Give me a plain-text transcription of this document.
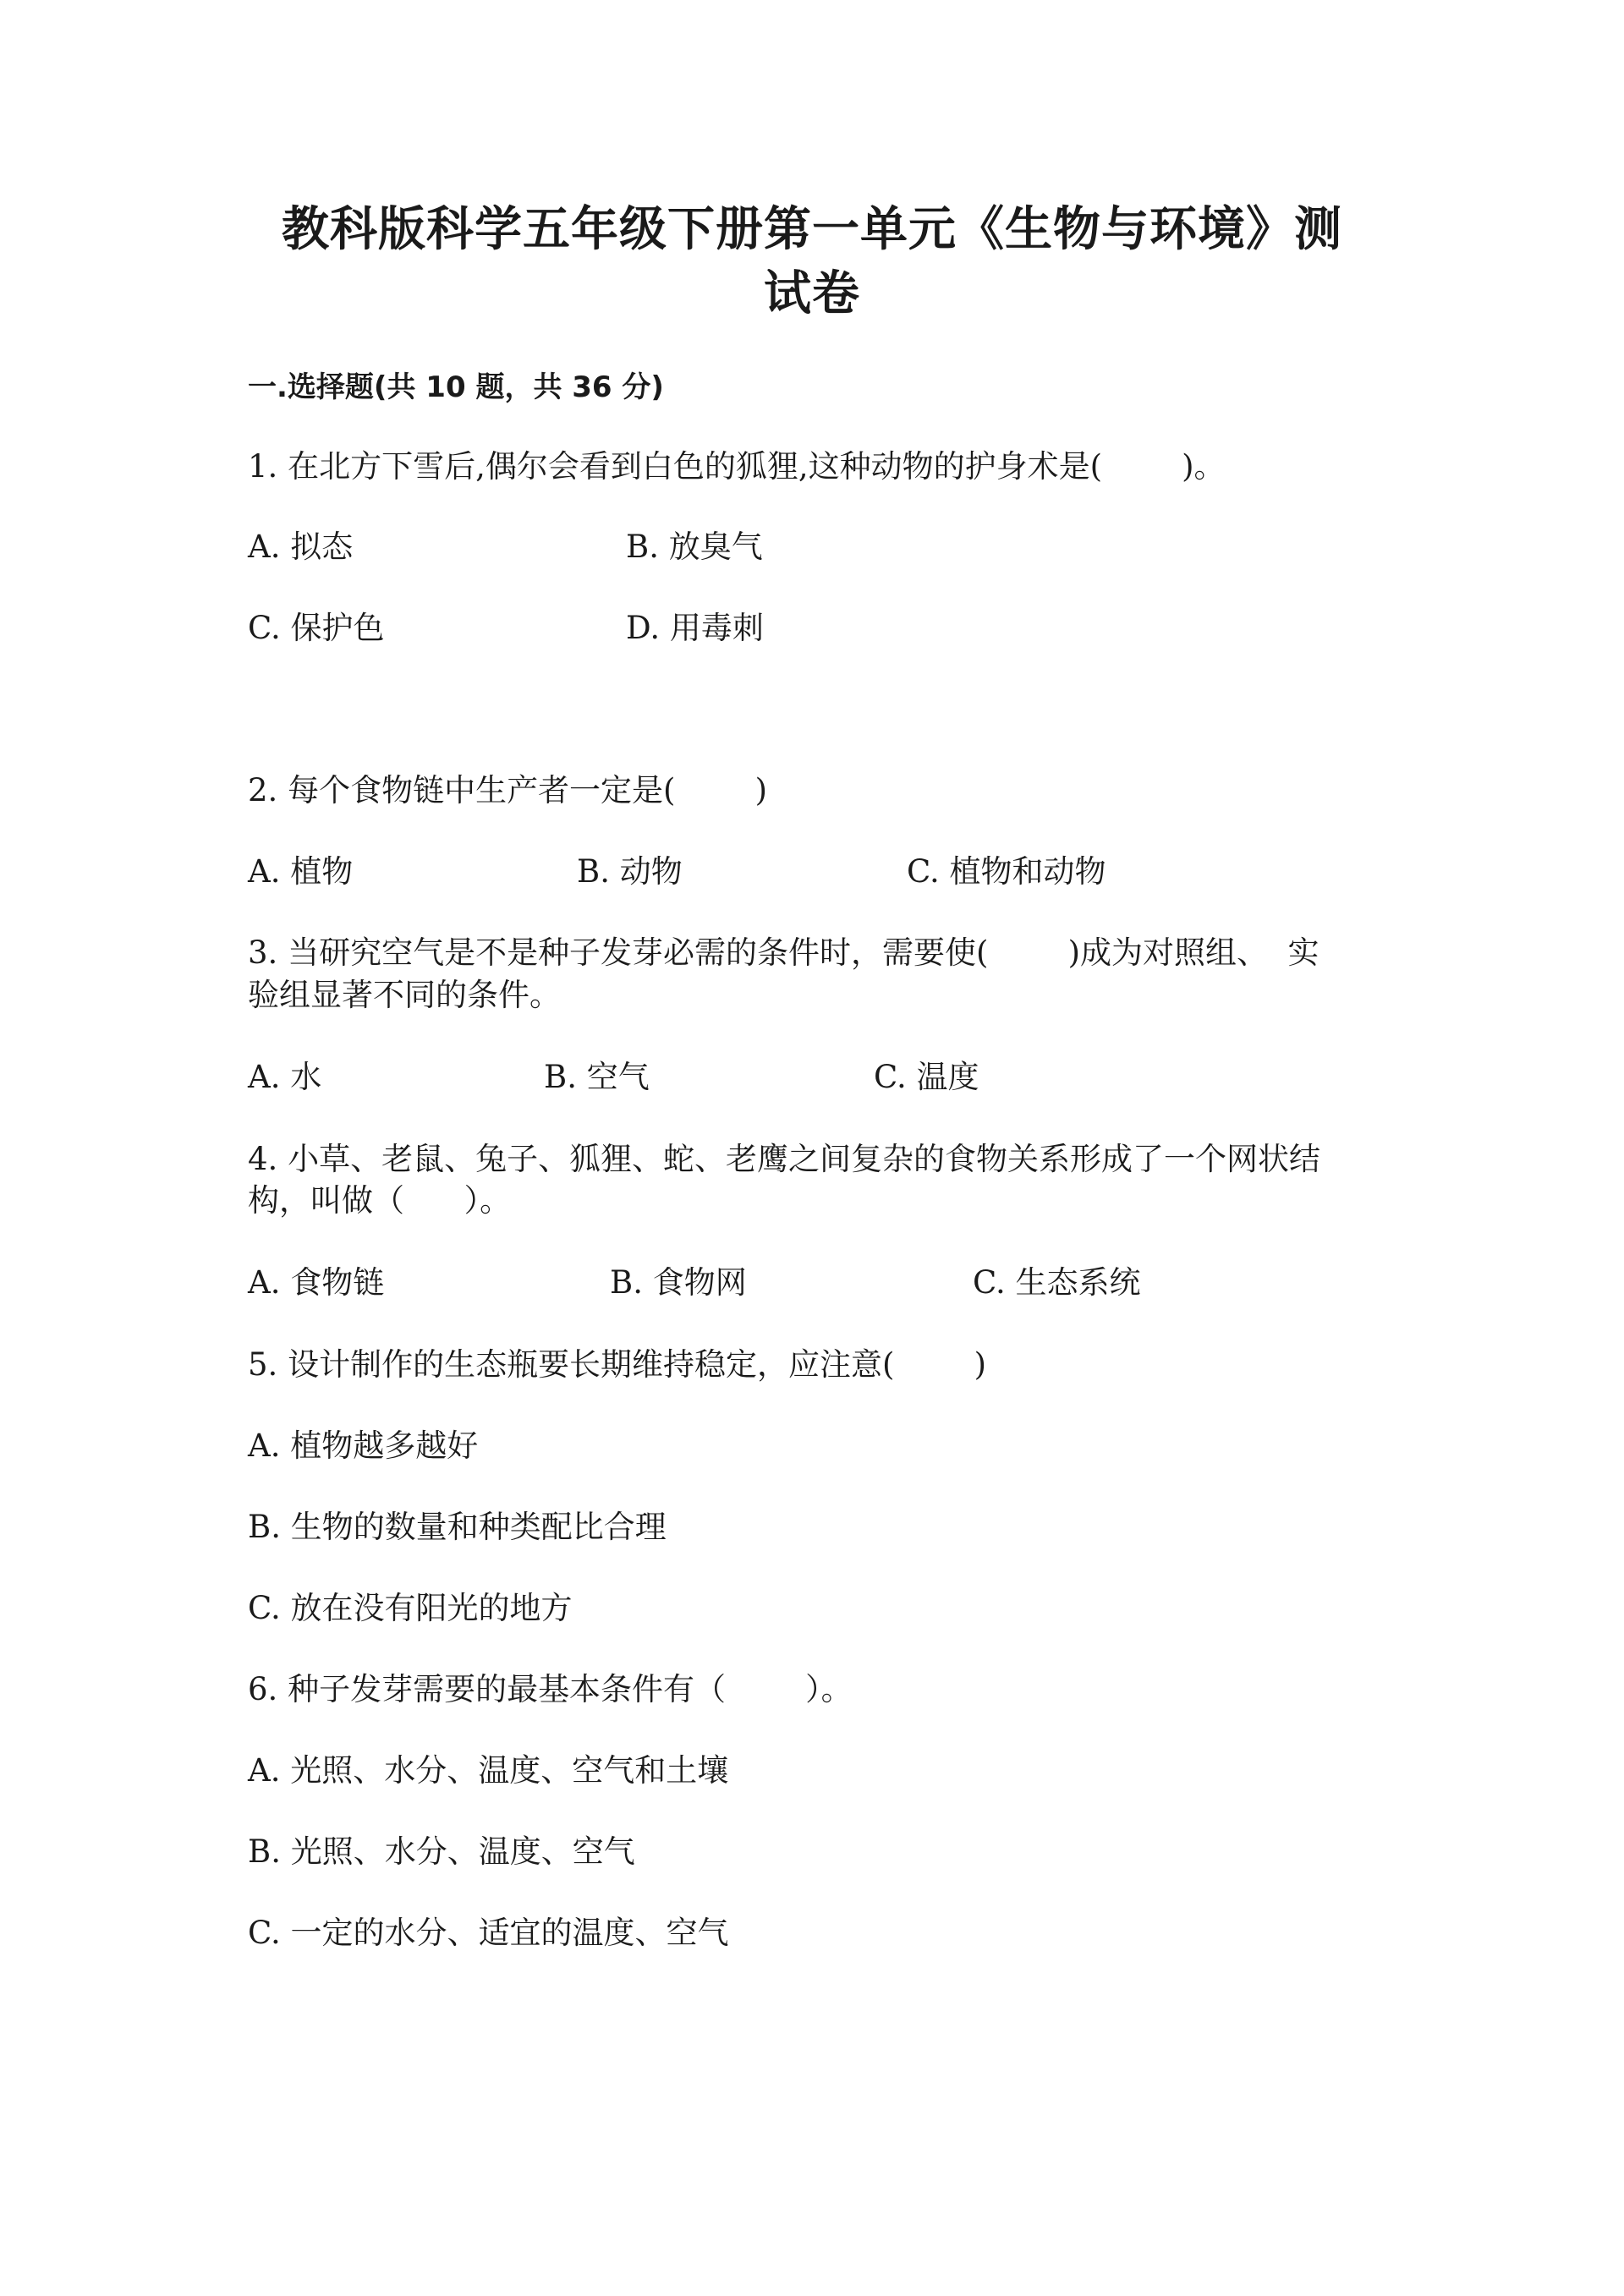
教科版科学五年级下册第一单元《生物与环境》测
试卷
一.选择题(共 10 题，共 36 分)
1. 在北方下雪后,偶尔会看到白色的狐狸,这种动物的护身术是(        )。
A. 拟态	B. 放臭气
C. 保护色	D. 用毒刺
2. 每个食物链中生产者一定是(        )
A. 植物	B. 动物	C. 植物和动物
3. 当研究空气是不是种子发芽必需的条件时，需要使(        )成为对照组、  实
验组显著不同的条件。
A. 水	B. 空气	C. 温度
4. 小草、老鼠、兔子、狐狸、蛇、老鹰之间复杂的食物关系形成了一个网状结
构，叫做（      ）。
A. 食物链	B. 食物网	C. 生态系统
5. 设计制作的生态瓶要长期维持稳定，应注意(        )
A. 植物越多越好
B. 生物的数量和种类配比合理
C. 放在没有阳光的地方
6. 种子发芽需要的最基本条件有（        ）。
A. 光照、水分、温度、空气和土壤
B. 光照、水分、温度、空气
C. 一定的水分、适宜的温度、空气
